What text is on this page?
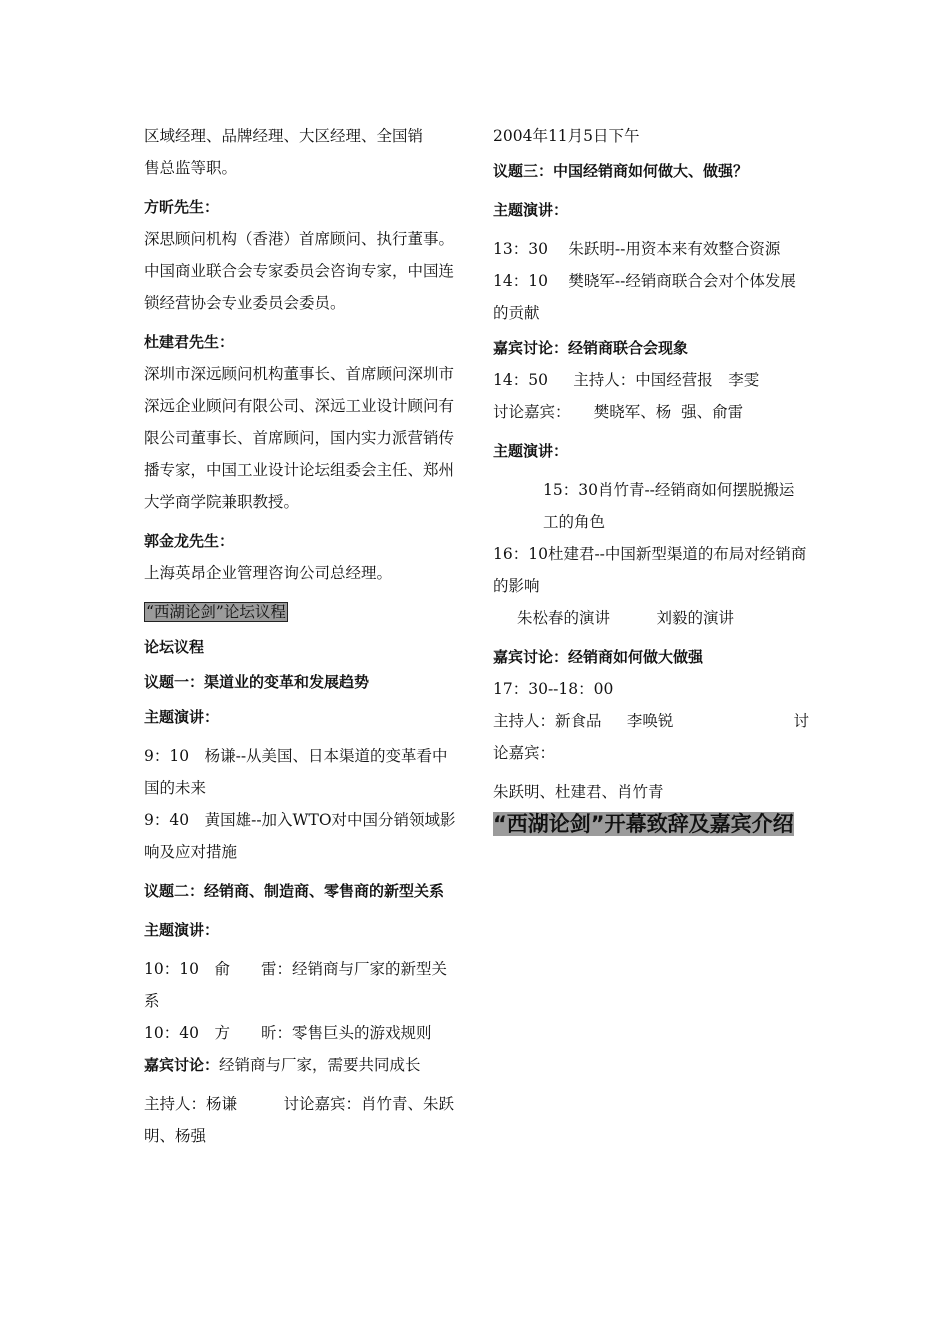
区域经理、品牌经理、大区经理、全国销

售总监等职。

方昕先生：

深思顾问机构（香港）首席顾问、执行董事。中国商业联合会专家委员会咨询专家，中国连锁经营协会专业委员会委员。

杜建君先生：

深圳市深远顾问机构董事长、首席顾问深圳市深远企业顾问有限公司、深远工业设计顾问有限公司董事长、首席顾问，国内实力派营销传播专家，中国工业设计论坛组委会主任、郑州大学商学院兼职教授。

郭金龙先生：

上海英昂企业管理咨询公司总经理。

“西湖论剑”论坛议程

论坛议程

议题一：渠道业的变革和发展趋势

主题演讲：

9：10　杨谦--从美国、日本渠道的变革看中国的未来

9：40　黄国雄--加入WTO对中国分销领域影响及应对措施

议题二：经销商、制造商、零售商的新型关系

主题演讲：

10：10　俞　　雷：经销商与厂家的新型关系

10：40　方　　昕：零售巨头的游戏规则

嘉宾讨论：经销商与厂家，需要共同成长

主持人：杨谦　　　讨论嘉宾：肖竹青、朱跃明、杨强

2004年11月5日下午

议题三：中国经销商如何做大、做强？

主题演讲：

13：30　 朱跃明--用资本来有效整合资源

14：10　 樊晓军--经销商联合会对个体发展的贡献

嘉宾讨论：经销商联合会现象

14：50　  主持人：中国经营报　李雯

讨论嘉宾：　　樊晓军、杨  强、俞雷

主题演讲：

15：30肖竹青--经销商如何摆脱搬运工的角色

16：10杜建君--中国新型渠道的布局对经销商的影响

朱松春的演讲　　　刘毅的演讲

嘉宾讨论：经销商如何做大做强

17：30--18：00

主持人：新食品　  李唤锐	讨

论嘉宾：

朱跃明、杜建君、肖竹青

“西湖论剑”开幕致辞及嘉宾介绍
